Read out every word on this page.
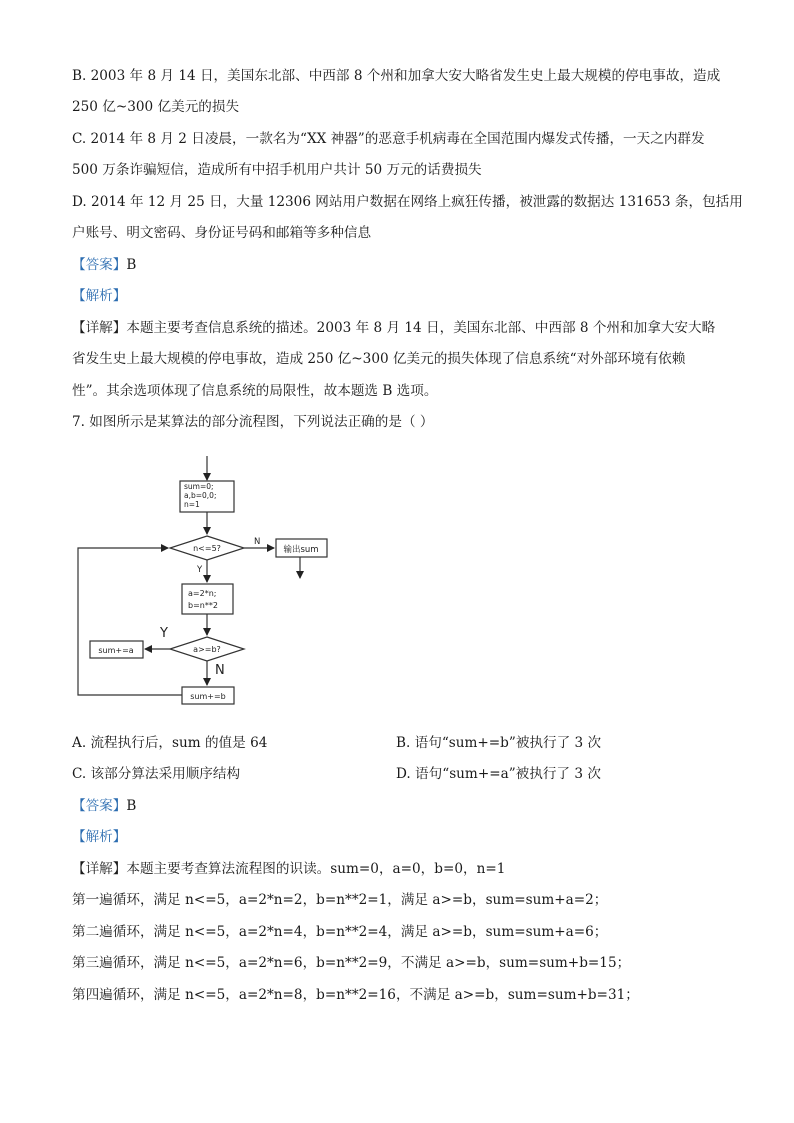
B. 2003 年 8 月 14 日，美国东北部、中西部 8 个州和加拿大安大略省发生史上最大规模的停电事故，造成
250 亿~300 亿美元的损失
C. 2014 年 8 月 2 日凌晨，一款名为“XX 神器”的恶意手机病毒在全国范围内爆发式传播，一天之内群发
500 万条诈骗短信，造成所有中招手机用户共计 50 万元的话费损失
D. 2014 年 12 月 25 日，大量 12306 网站用户数据在网络上疯狂传播，被泄露的数据达 131653 条，包括用
户账号、明文密码、身份证号码和邮箱等多种信息
【答案】B
【解析】
【详解】本题主要考查信息系统的描述。2003 年 8 月 14 日，美国东北部、中西部 8 个州和加拿大安大略
省发生史上最大规模的停电事故，造成 250 亿~300 亿美元的损失体现了信息系统“对外部环境有依赖
性”。其余选项体现了信息系统的局限性，故本题选 B 选项。
7. 如图所示是某算法的部分流程图，下列说法正确的是（ ）
sum=0;
a,b=0,0;
n=1
n<=5?
N
输出sum
Y
a=2*n;
b=n**2
a>=b?
Y
N
sum+=a
sum+=b
A. 流程执行后，sum 的值是 64	B. 语句“sum+=b”被执行了 3 次
C. 该部分算法采用顺序结构	D. 语句“sum+=a”被执行了 3 次
【答案】B
【解析】
【详解】本题主要考查算法流程图的识读。sum=0，a=0，b=0，n=1
第一遍循环，满足 n<=5，a=2*n=2，b=n**2=1，满足 a>=b，sum=sum+a=2；
第二遍循环，满足 n<=5，a=2*n=4，b=n**2=4，满足 a>=b，sum=sum+a=6；
第三遍循环，满足 n<=5，a=2*n=6，b=n**2=9，不满足 a>=b，sum=sum+b=15；
第四遍循环，满足 n<=5，a=2*n=8，b=n**2=16，不满足 a>=b，sum=sum+b=31；
